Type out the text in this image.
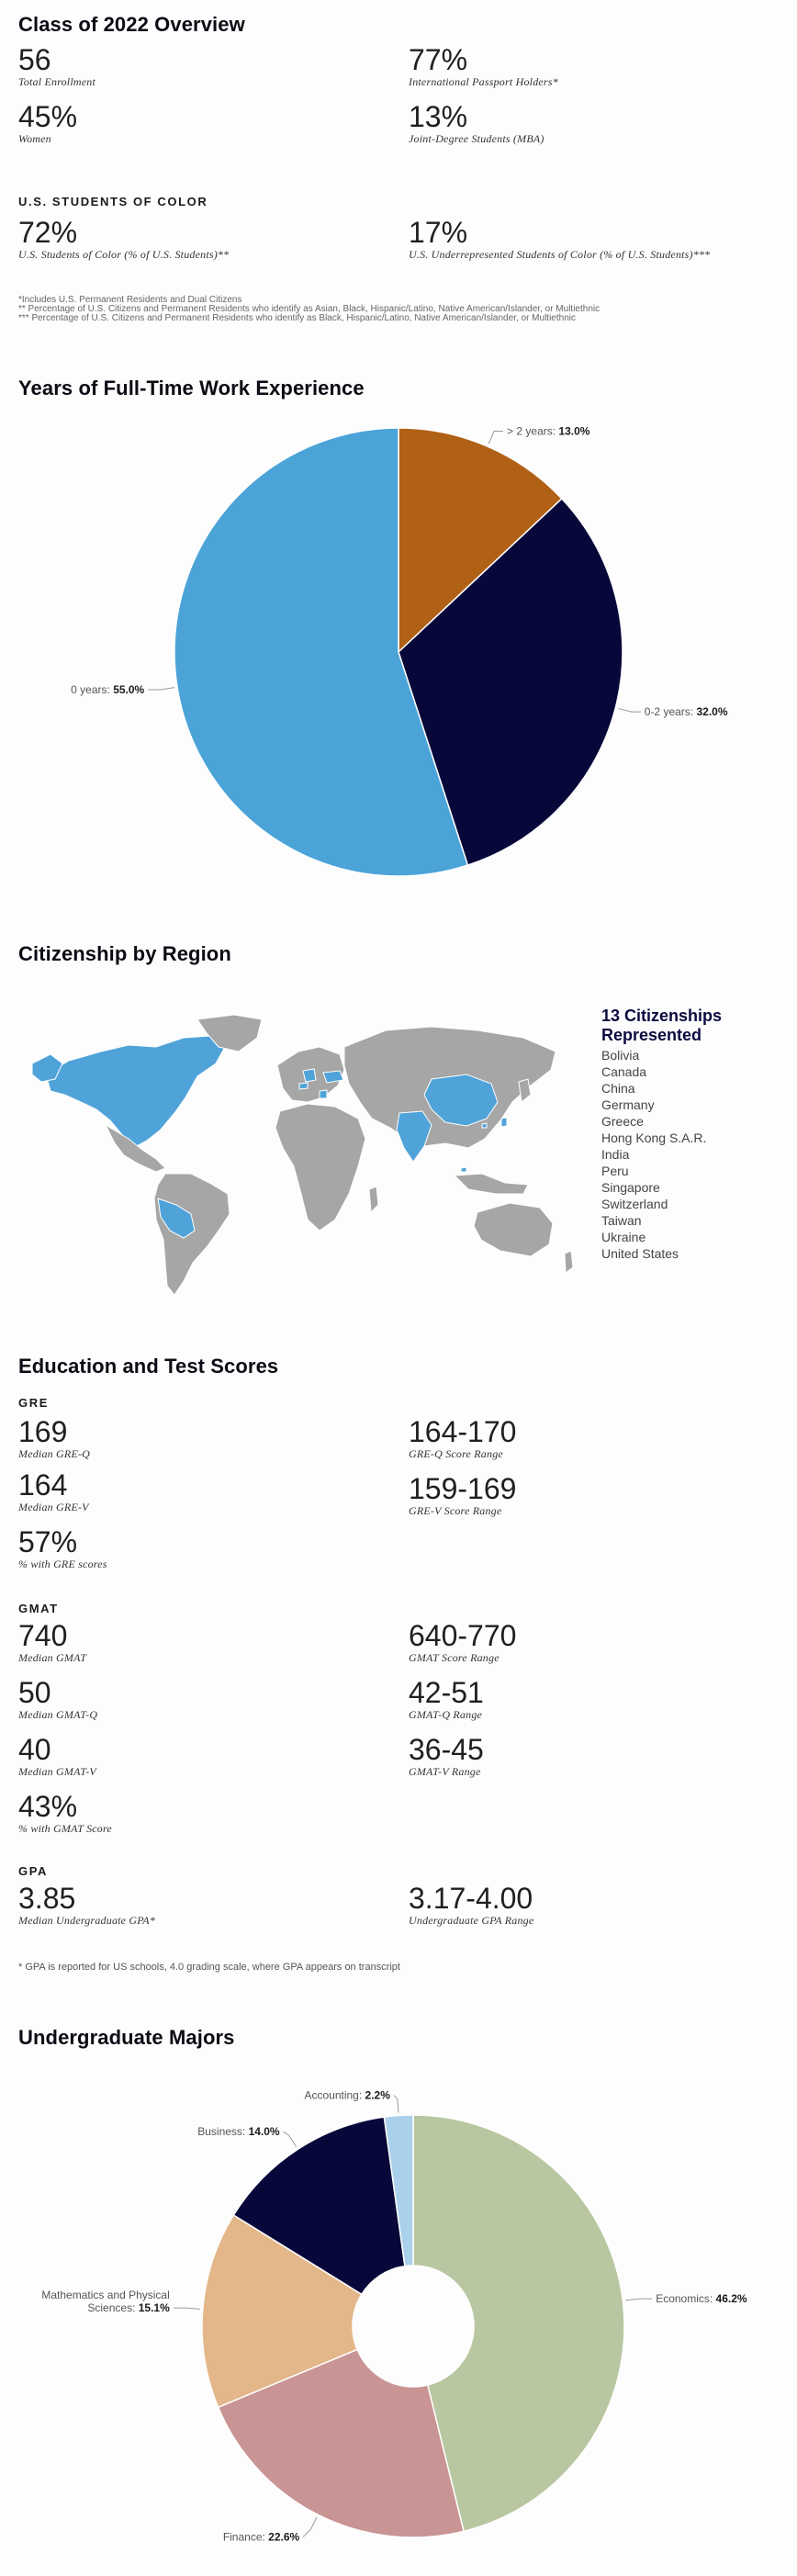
Class of 2022 Overview
56
Total Enrollment
77%
International Passport Holders*
45%
Women
13%
Joint-Degree Students (MBA)
U.S. STUDENTS OF COLOR
72%
U.S. Students of Color (% of U.S. Students)**
17%
U.S. Underrepresented Students of Color (% of U.S. Students)***
*Includes U.S. Permanent Residents and Dual Citizens
** Percentage of U.S. Citizens and Permanent Residents who identify as Asian, Black, Hispanic/Latino, Native American/Islander, or Multiethnic
*** Percentage of U.S. Citizens and Permanent Residents who identify as Black, Hispanic/Latino, Native American/Islander, or Multiethnic
Years of Full-Time Work Experience
> 2 years: 13.0%
0-2 years: 32.0%
0 years: 55.0%
Citizenship by Region
13 Citizenships Represented
Bolivia
Canada
China
Germany
Greece
Hong Kong S.A.R.
India
Peru
Singapore
Switzerland
Taiwan
Ukraine
United States
Education and Test Scores
GRE
169
Median GRE-Q
164
Median GRE-V
57%
% with GRE scores
164-170
GRE-Q Score Range
159-169
GRE-V Score Range
GMAT
740
Median GMAT
50
Median GMAT-Q
40
Median GMAT-V
43%
% with GMAT Score
640-770
GMAT Score Range
42-51
GMAT-Q Range
36-45
GMAT-V Range
GPA
3.85
Median Undergraduate GPA*
3.17-4.00
Undergraduate GPA Range
* GPA is reported for US schools, 4.0 grading scale, where GPA appears on transcript
Undergraduate Majors
Economics: 46.2%
Finance: 22.6%
Mathematics and Physical
Sciences: 15.1%
Business: 14.0%
Accounting: 2.2%
